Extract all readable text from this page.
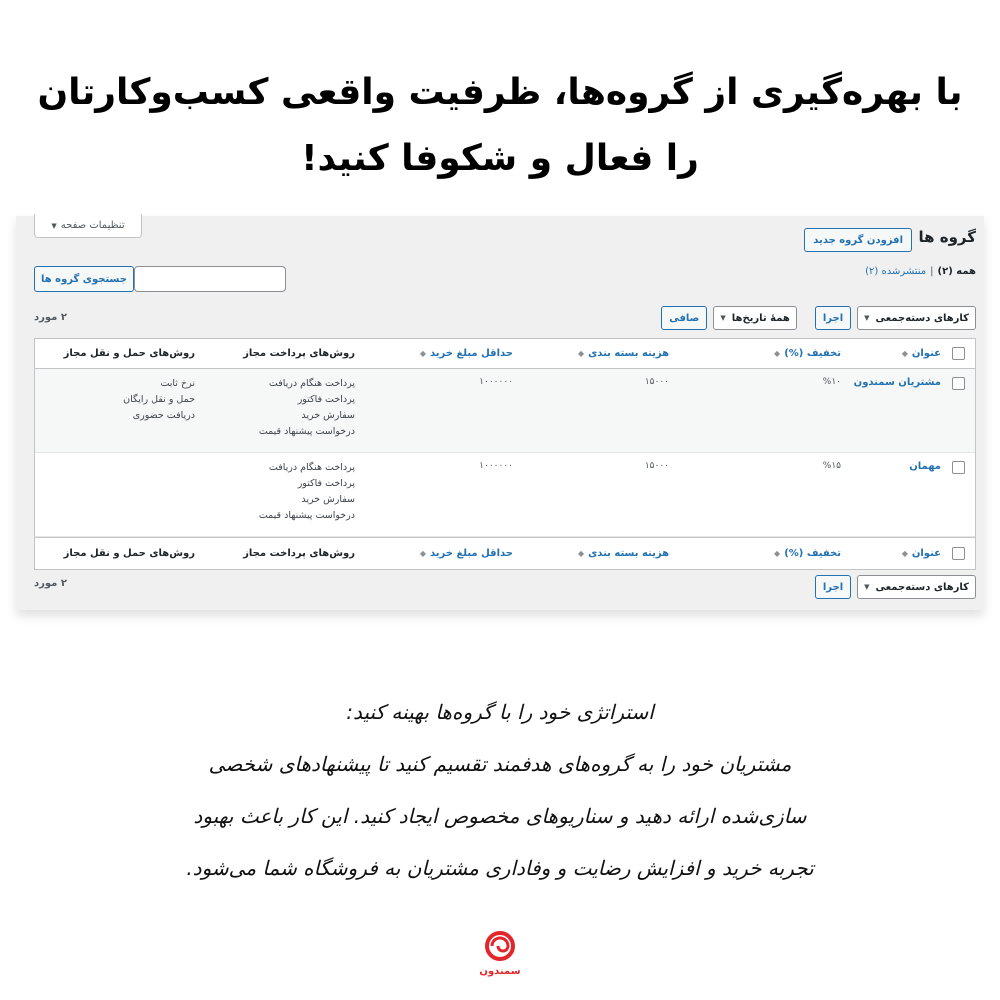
با بهره‌گیری از گروه‌ها، ظرفیت واقعی کسب‌وکارتان
را فعال و شکوفا کنید!
تنظیمات صفحه
▼
گروه ها
افزودن گروه جدید
همه (۲)
|
منتشرشده (۲)
جستجوی گروه ها
کارهای دسته‌جمعی
▼
اجرا
همهٔ تاریخ‌ها
▼
صافی
۲ مورد
عنوان
◆
تخفیف (%)
◆
هزینه بسته بندی
◆
حداقل مبلغ خرید
◆
روش‌های پرداخت مجاز
روش‌های حمل و نقل مجاز
مشتریان سمندون
%۱۰
۱۵۰۰۰
۱۰۰۰۰۰۰
پرداخت هنگام دریافت
پرداخت فاکتور
سفارش خرید
درخواست پیشنهاد قیمت
نرخ ثابت
حمل و نقل رایگان
دریافت حضوری
مهمان
%۱۵
۱۵۰۰۰
۱۰۰۰۰۰۰
پرداخت هنگام دریافت
پرداخت فاکتور
سفارش خرید
درخواست پیشنهاد قیمت
عنوان
◆
تخفیف (%)
◆
هزینه بسته بندی
◆
حداقل مبلغ خرید
◆
روش‌های پرداخت مجاز
روش‌های حمل و نقل مجاز
کارهای دسته‌جمعی
▼
اجرا
۲ مورد
استراتژی خود را با گروه‌ها بهینه کنید:
مشتریان خود را به گروه‌های هدفمند تقسیم کنید تا پیشنهادهای شخصی
سازی‌شده ارائه دهید و سناریوهای مخصوص ایجاد کنید. این کار باعث بهبود
تجربه خرید و افزایش رضایت و وفاداری مشتریان به فروشگاه شما می‌شود.
سمندون
